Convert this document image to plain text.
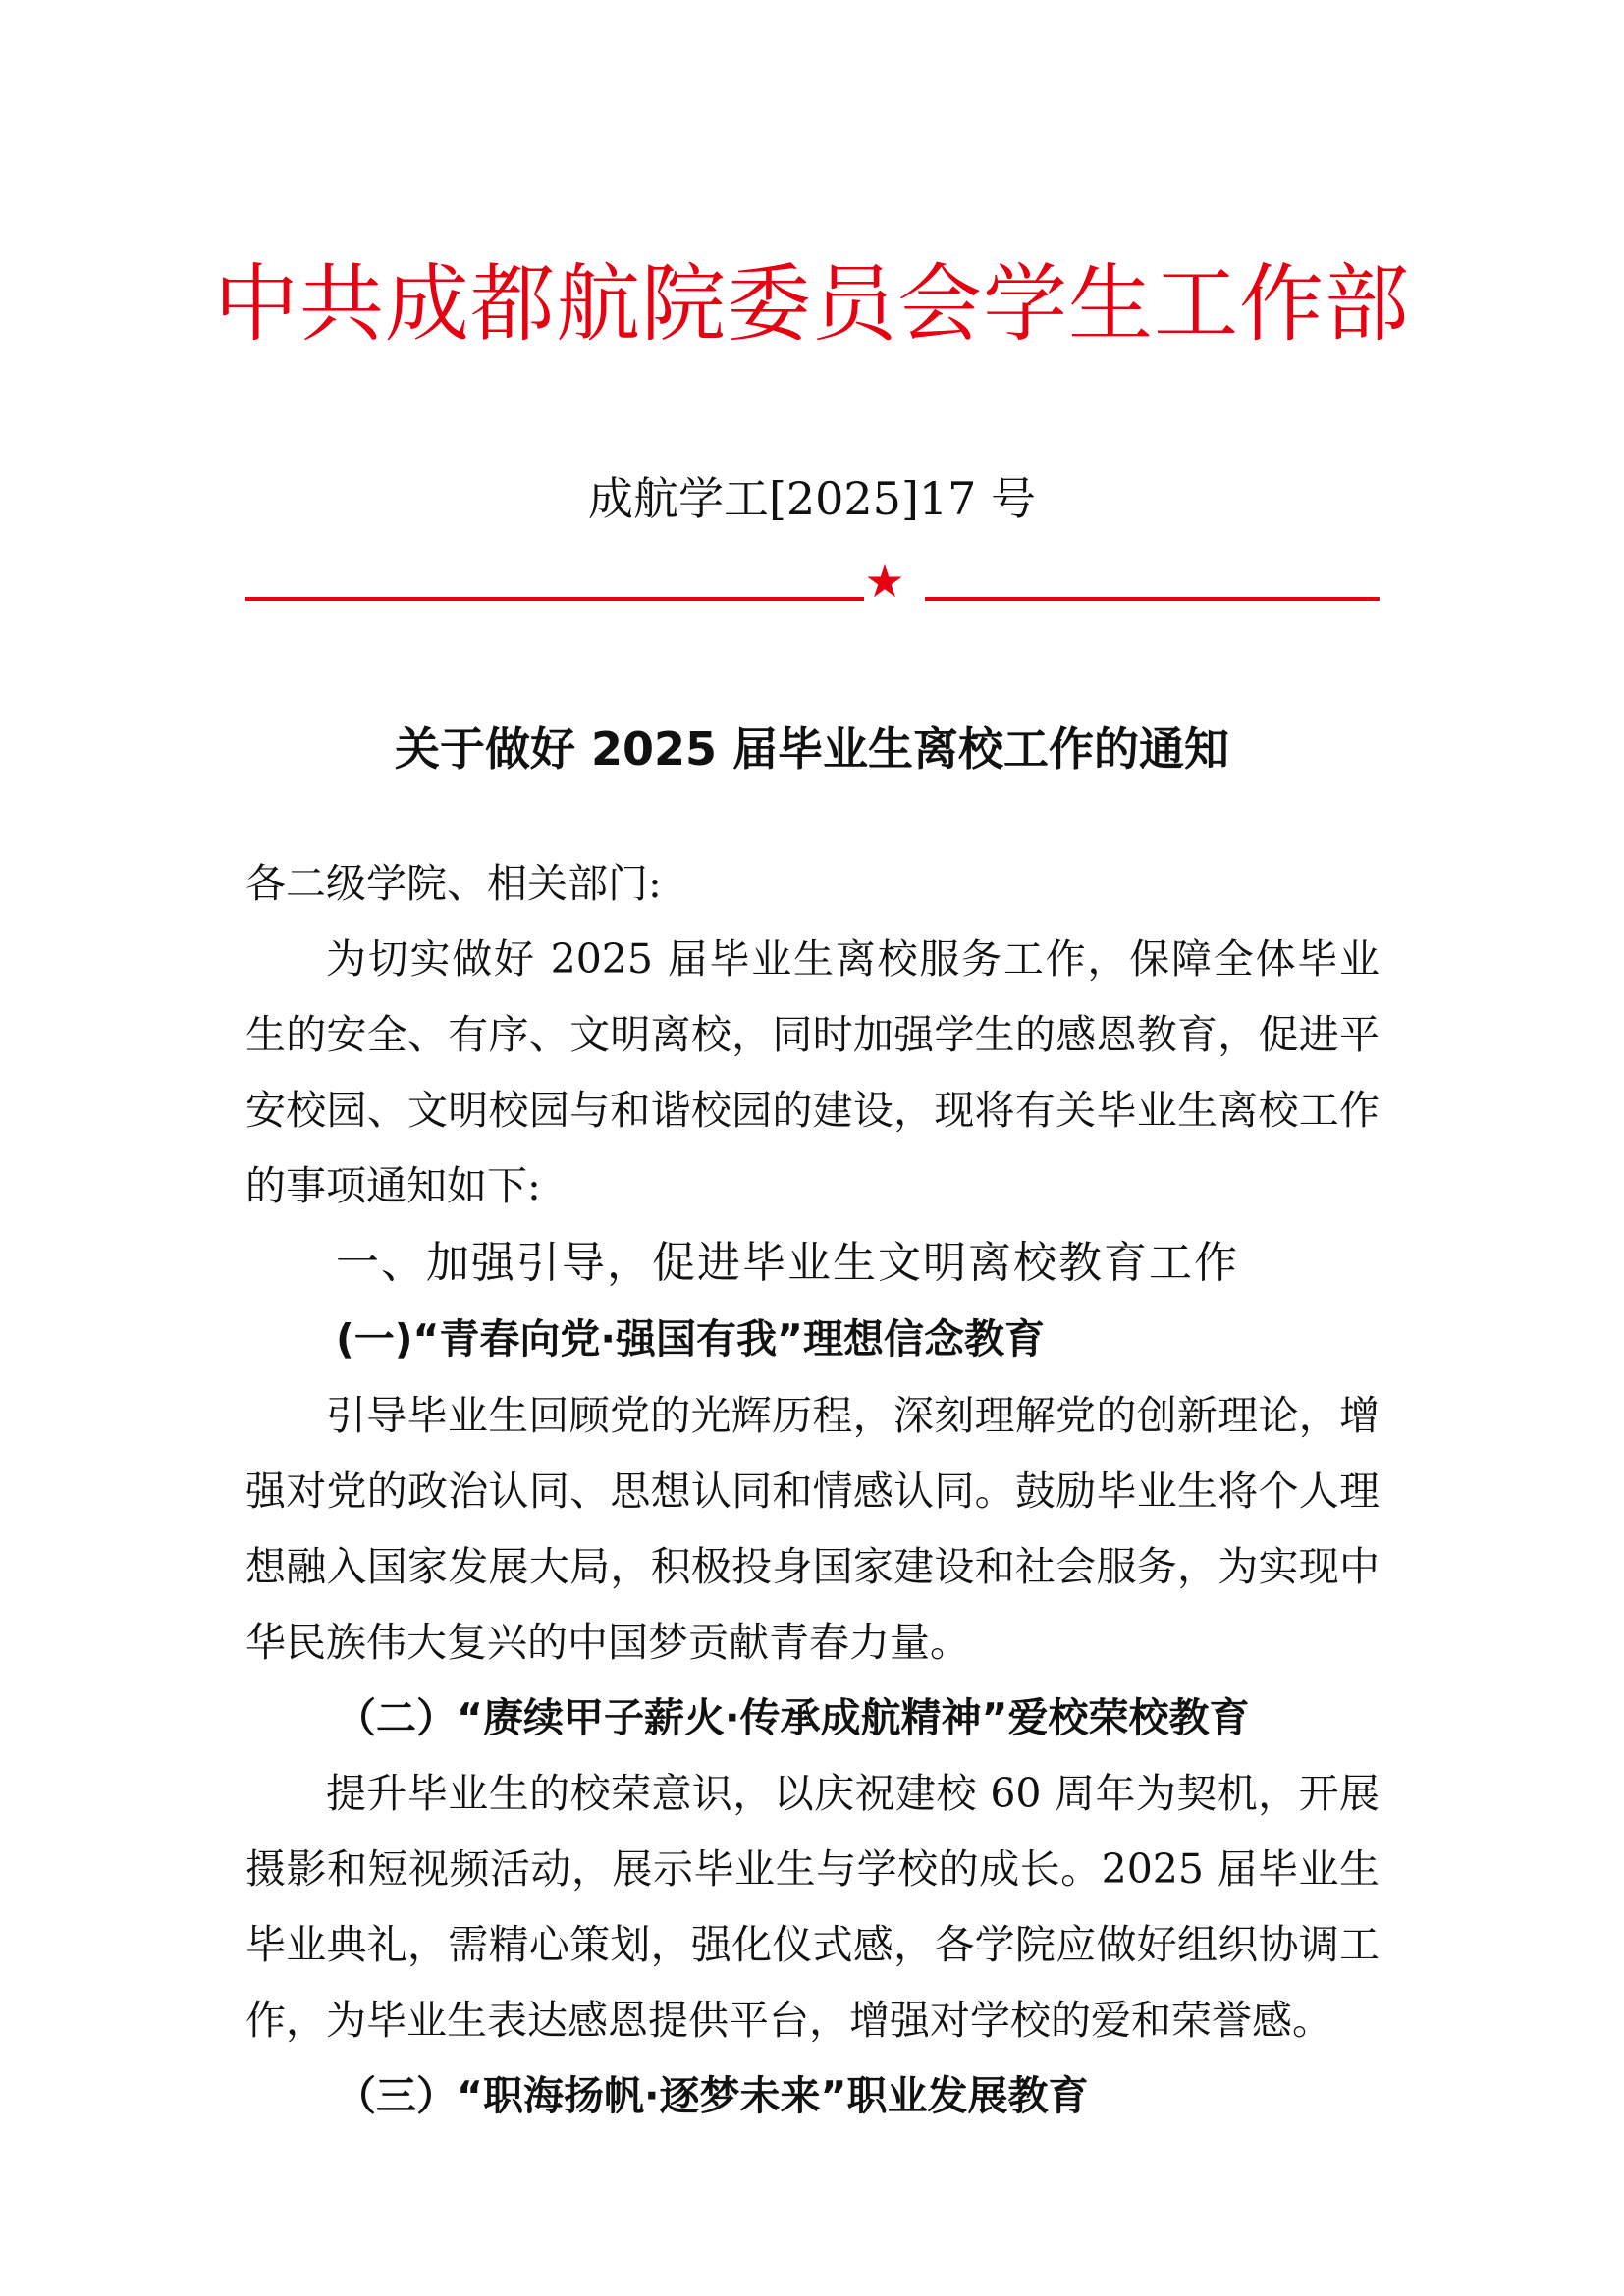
中共成都航院委员会学生工作部
成航学工[2025]17 号
★
关于做好 2025 届毕业生离校工作的通知

各二级学院、相关部门:

为切实做好 2025 届毕业生离校服务工作，保障全体毕业生的安全、有序、文明离校，同时加强学生的感恩教育，促进平安校园、文明校园与和谐校园的建设，现将有关毕业生离校工作的事项通知如下:

一、加强引导，促进毕业生文明离校教育工作

(一)“青春向党·强国有我”理想信念教育

引导毕业生回顾党的光辉历程，深刻理解党的创新理论，增强对党的政治认同、思想认同和情感认同。鼓励毕业生将个人理想融入国家发展大局，积极投身国家建设和社会服务，为实现中华民族伟大复兴的中国梦贡献青春力量。

（二）“赓续甲子薪火·传承成航精神”爱校荣校教育

提升毕业生的校荣意识，以庆祝建校 60 周年为契机，开展摄影和短视频活动，展示毕业生与学校的成长。2025 届毕业生毕业典礼，需精心策划，强化仪式感，各学院应做好组织协调工作，为毕业生表达感恩提供平台，增强对学校的爱和荣誉感。

（三）“职海扬帆·逐梦未来”职业发展教育
